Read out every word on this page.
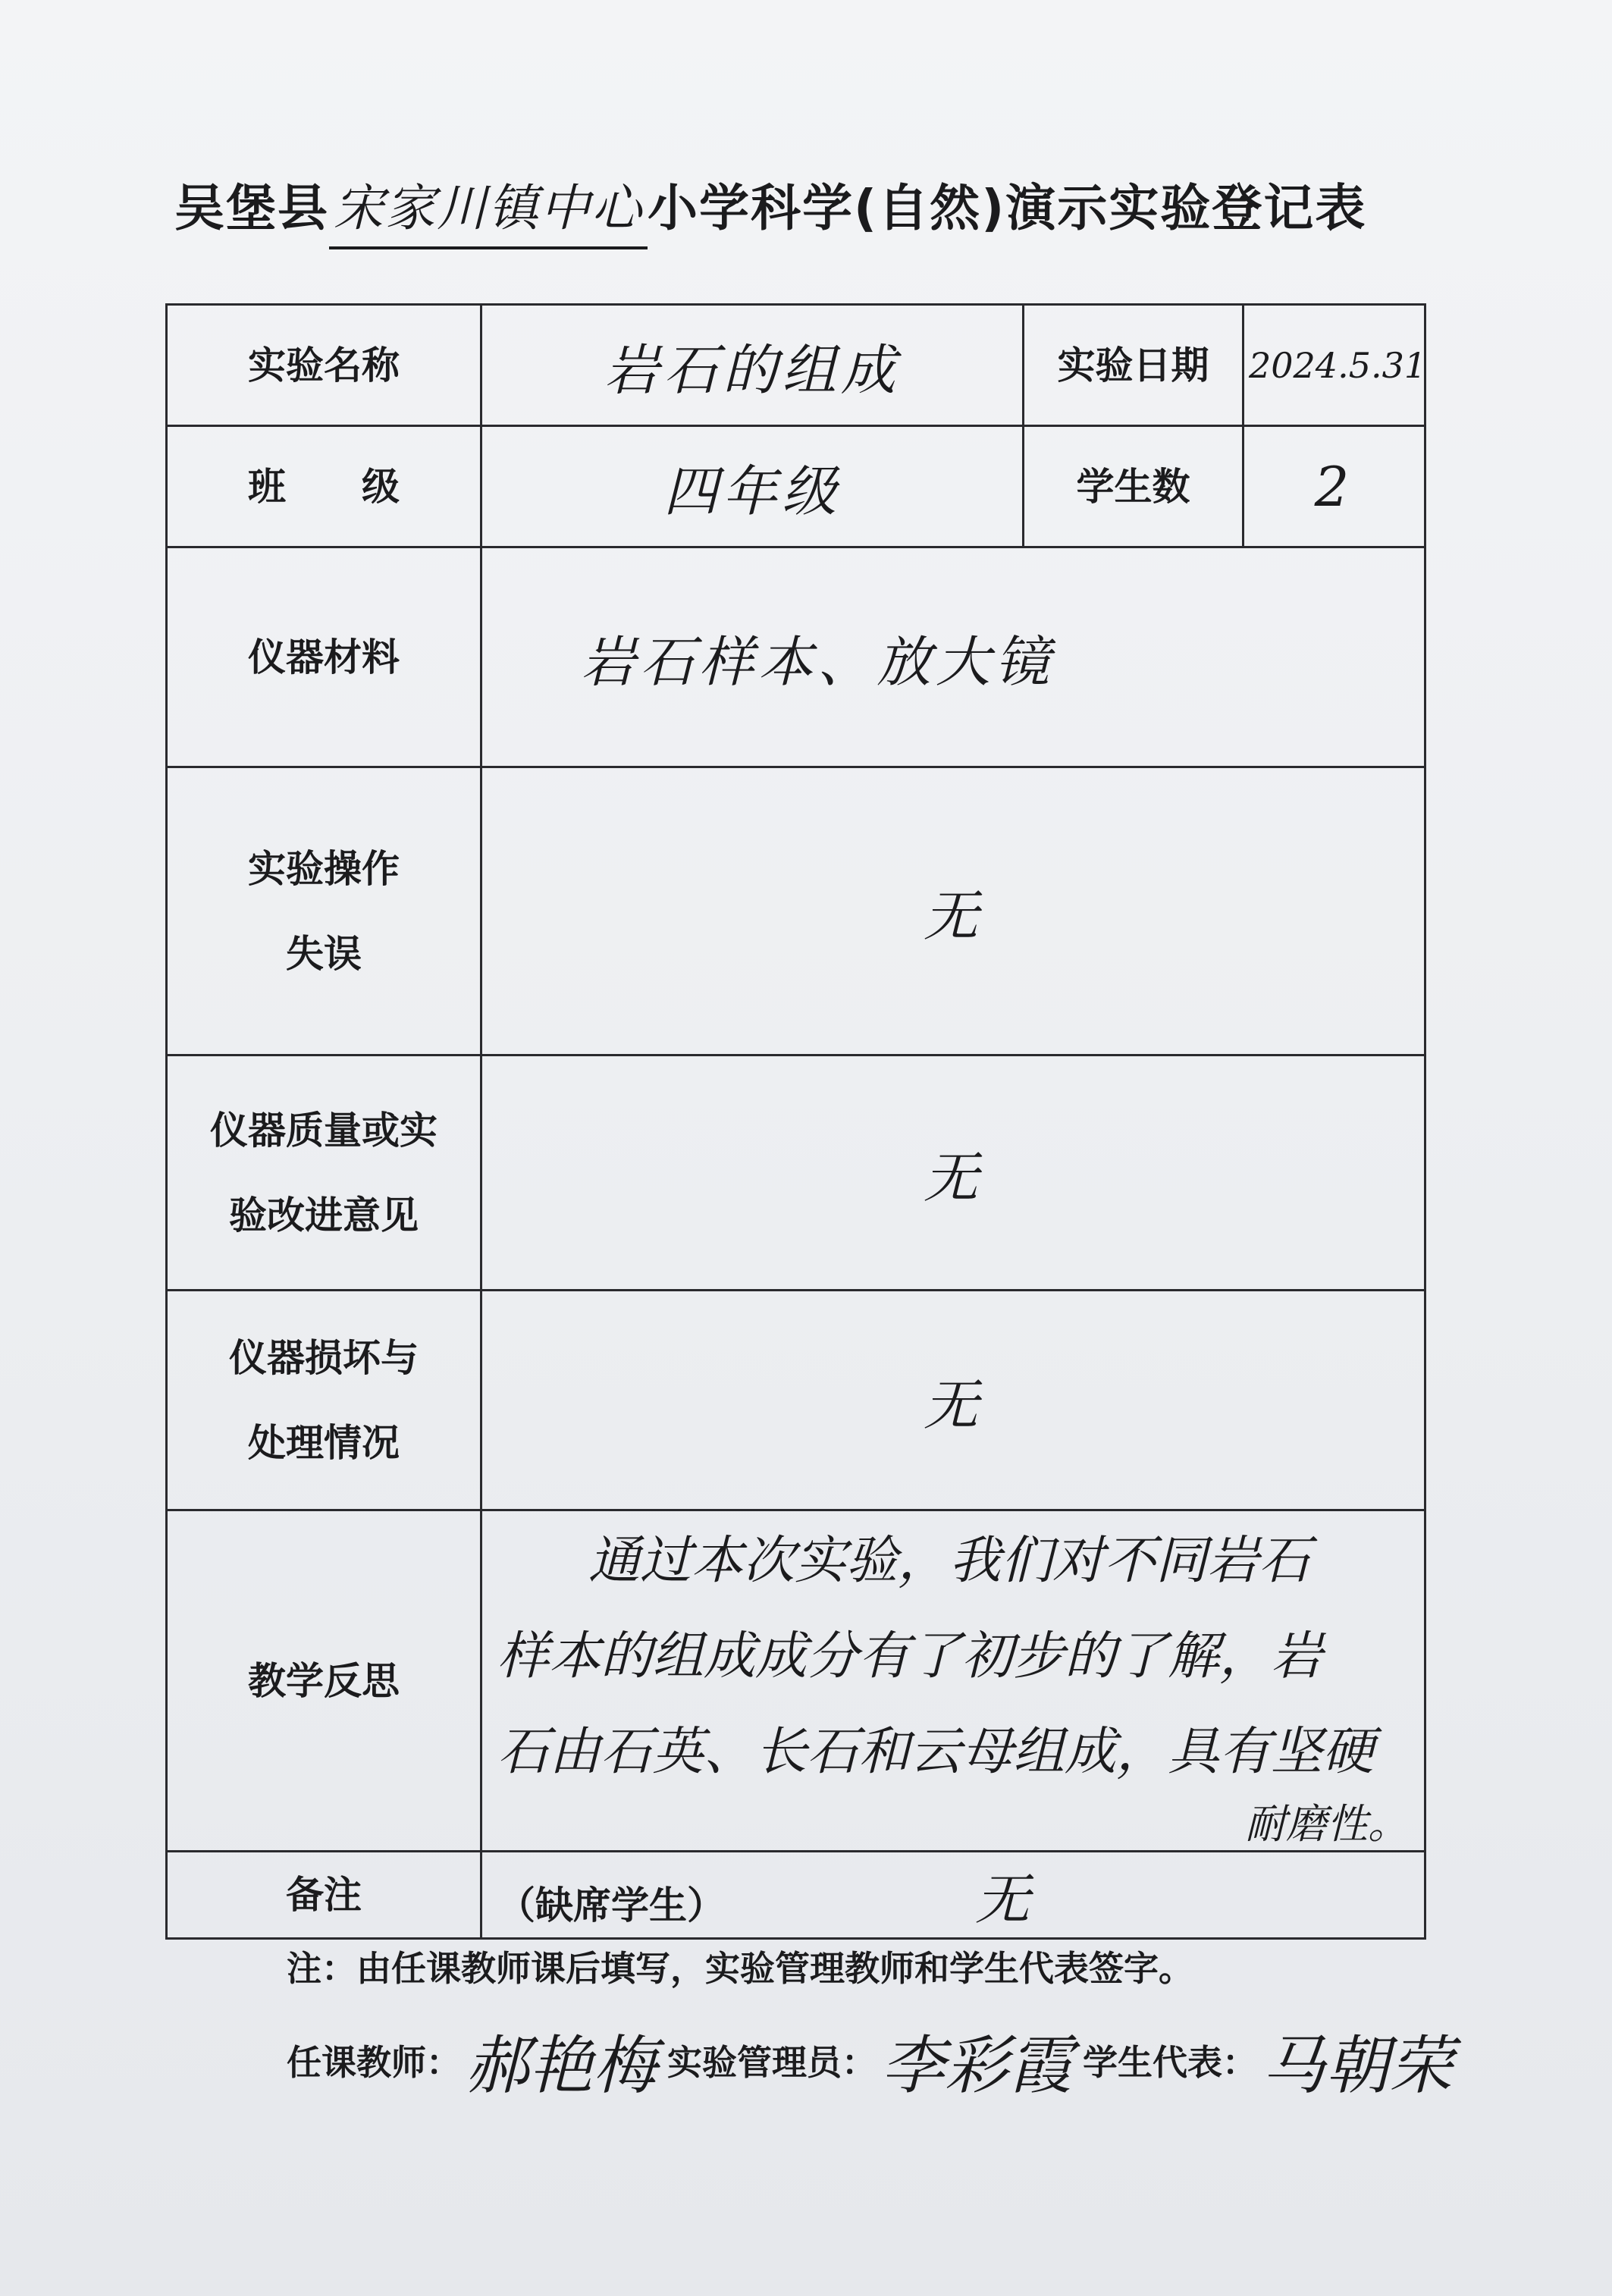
吴堡县宋家川镇中心小学科学(自然)演示实验登记表
实验名称	岩石的组成	实验日期	2024.5.31
班　　级	四年级	学生数	2
仪器材料	岩石样本、放大镜		

实验操作
失误	无		

仪器质量或实
验改进意见	无		

仪器损坏与
处理情况	无		
教学反思	通过本次实验，我们对不同岩石
样本的组成成分有了初步的了解，岩
石由石英、长石和云母组成，具有坚硬
耐磨性。		

备注	（缺席学生） 无		
注：由任课教师课后填写，实验管理教师和学生代表签字。
任课教师：郝艳梅 实验管理员：李彩霞 学生代表：马朝荣
